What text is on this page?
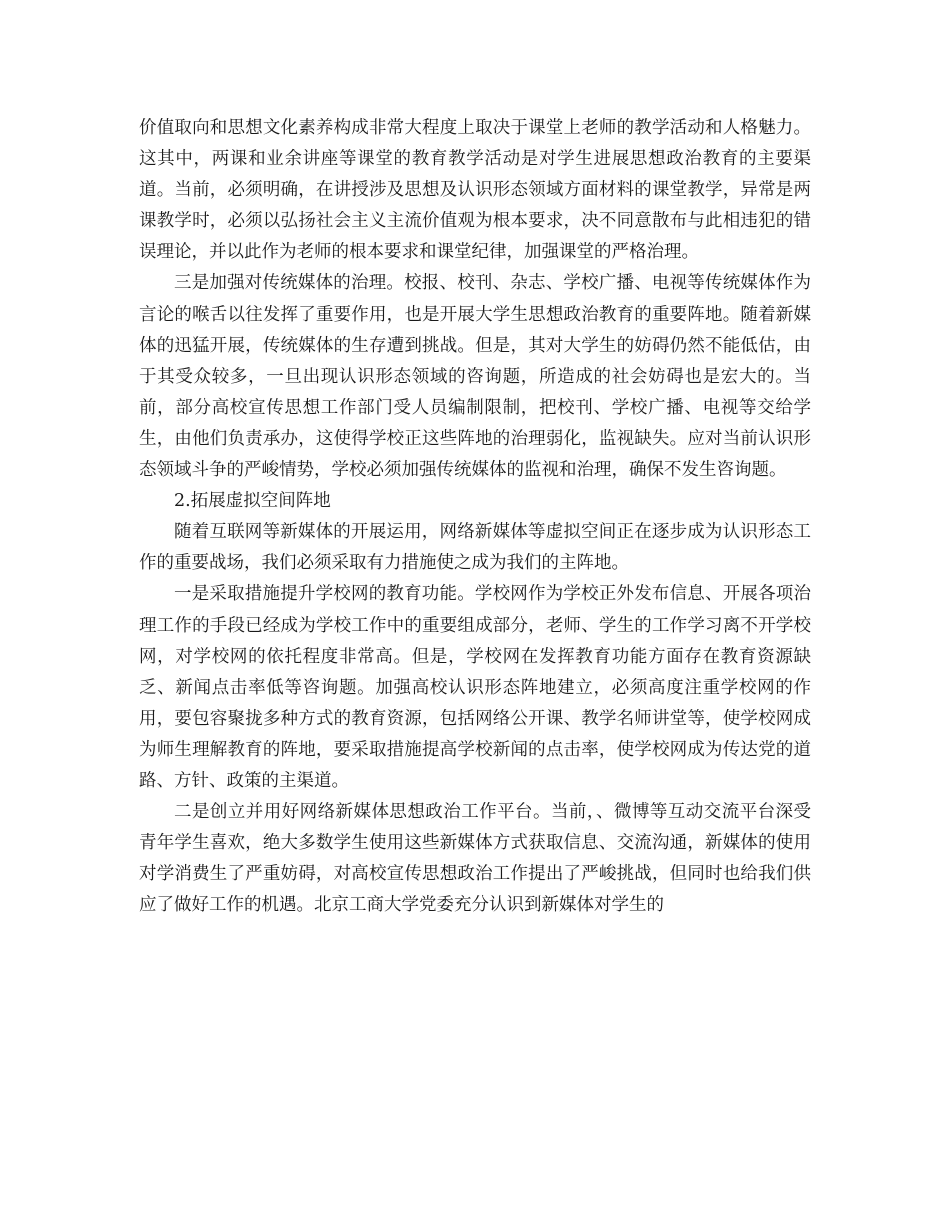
价值取向和思想文化素养构成非常大程度上取决于课堂上老师的教学活动和人格魅力。这其中，两课和业余讲座等课堂的教育教学活动是对学生进展思想政治教育的主要渠道。当前，必须明确，在讲授涉及思想及认识形态领域方面材料的课堂教学，异常是两课教学时，必须以弘扬社会主义主流价值观为根本要求，决不同意散布与此相违犯的错误理论，并以此作为老师的根本要求和课堂纪律，加强课堂的严格治理。

三是加强对传统媒体的治理。校报、校刊、杂志、学校广播、电视等传统媒体作为言论的喉舌以往发挥了重要作用，也是开展大学生思想政治教育的重要阵地。随着新媒体的迅猛开展，传统媒体的生存遭到挑战。但是，其对大学生的妨碍仍然不能低估，由于其受众较多，一旦出现认识形态领域的咨询题，所造成的社会妨碍也是宏大的。当前，部分高校宣传思想工作部门受人员编制限制，把校刊、学校广播、电视等交给学生，由他们负责承办，这使得学校正这些阵地的治理弱化，监视缺失。应对当前认识形态领域斗争的严峻情势，学校必须加强传统媒体的监视和治理，确保不发生咨询题。

2.拓展虚拟空间阵地

随着互联网等新媒体的开展运用，网络新媒体等虚拟空间正在逐步成为认识形态工作的重要战场，我们必须采取有力措施使之成为我们的主阵地。

一是采取措施提升学校网的教育功能。学校网作为学校正外发布信息、开展各项治理工作的手段已经成为学校工作中的重要组成部分，老师、学生的工作学习离不开学校网，对学校网的依托程度非常高。但是，学校网在发挥教育功能方面存在教育资源缺乏、新闻点击率低等咨询题。加强高校认识形态阵地建立，必须高度注重学校网的作用，要包容聚拢多种方式的教育资源，包括网络公开课、教学名师讲堂等，使学校网成为师生理解教育的阵地，要采取措施提高学校新闻的点击率，使学校网成为传达党的道路、方针、政策的主渠道。

二是创立并用好网络新媒体思想政治工作平台。当前，、微博等互动交流平台深受青年学生喜欢，绝大多数学生使用这些新媒体方式获取信息、交流沟通，新媒体的使用对学消费生了严重妨碍，对高校宣传思想政治工作提出了严峻挑战，但同时也给我们供应了做好工作的机遇。北京工商大学党委充分认识到新媒体对学生的
